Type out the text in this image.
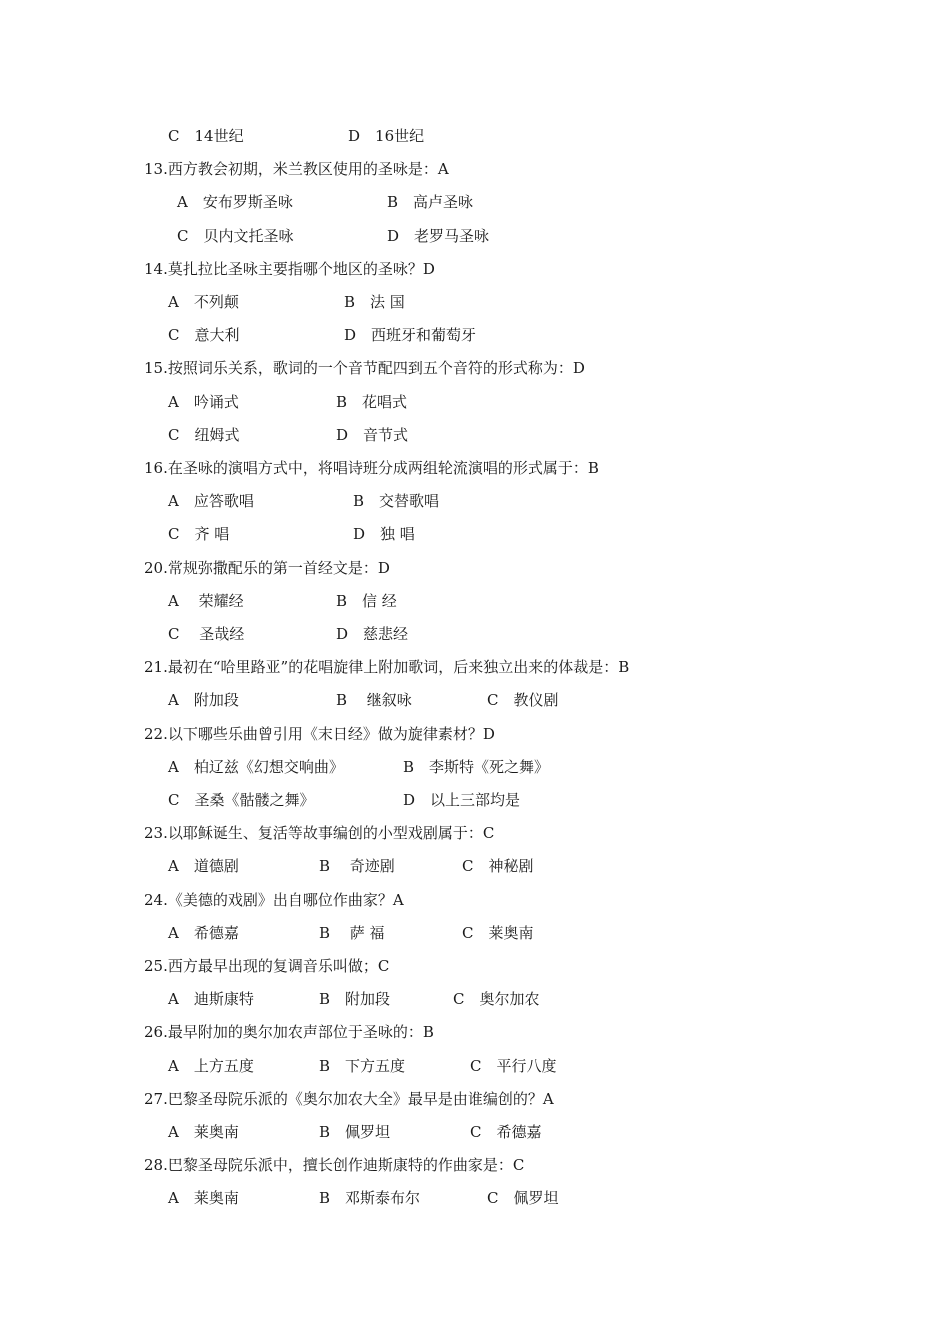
C　14世纪	D　16世纪
13.西方教会初期，米兰教区使用的圣咏是：A
A　安布罗斯圣咏	B　高卢圣咏
C　贝内文托圣咏	D　老罗马圣咏
14.莫扎拉比圣咏主要指哪个地区的圣咏？D
A　不列颠	B　法 国
C　意大利	D　西班牙和葡萄牙
15.按照词乐关系，歌词的一个音节配四到五个音符的形式称为：D
A　吟诵式	B　花唱式
C　纽姆式	D　音节式
16.在圣咏的演唱方式中，将唱诗班分成两组轮流演唱的形式属于：B
A　应答歌唱	B　交替歌唱
C　齐 唱	D　独 唱
20.常规弥撒配乐的第一首经文是：D
A　 荣耀经	B　信 经
C　 圣哉经	D　慈悲经
21.最初在“哈里路亚”的花唱旋律上附加歌词，后来独立出来的体裁是：B
A　附加段	B　 继叙咏	C　教仪剧
22.以下哪些乐曲曾引用《末日经》做为旋律素材？D
A　柏辽兹《幻想交响曲》	B　李斯特《死之舞》
C　圣桑《骷髅之舞》	D　以上三部均是
23.以耶稣诞生、复活等故事编创的小型戏剧属于：C
A　道德剧	B　 奇迹剧	C　神秘剧
24.《美德的戏剧》出自哪位作曲家？A
A　希德嘉	B　 萨 福	C　莱奥南
25.西方最早出现的复调音乐叫做；C
A　迪斯康特	B　附加段	C　奥尔加农
26.最早附加的奥尔加农声部位于圣咏的：B
A　上方五度	B　下方五度	C　平行八度
27.巴黎圣母院乐派的《奥尔加农大全》最早是由谁编创的？A
A　莱奥南	B　佩罗坦	C　希德嘉
28.巴黎圣母院乐派中，擅长创作迪斯康特的作曲家是：C
A　莱奥南	B　邓斯泰布尔	C　佩罗坦
